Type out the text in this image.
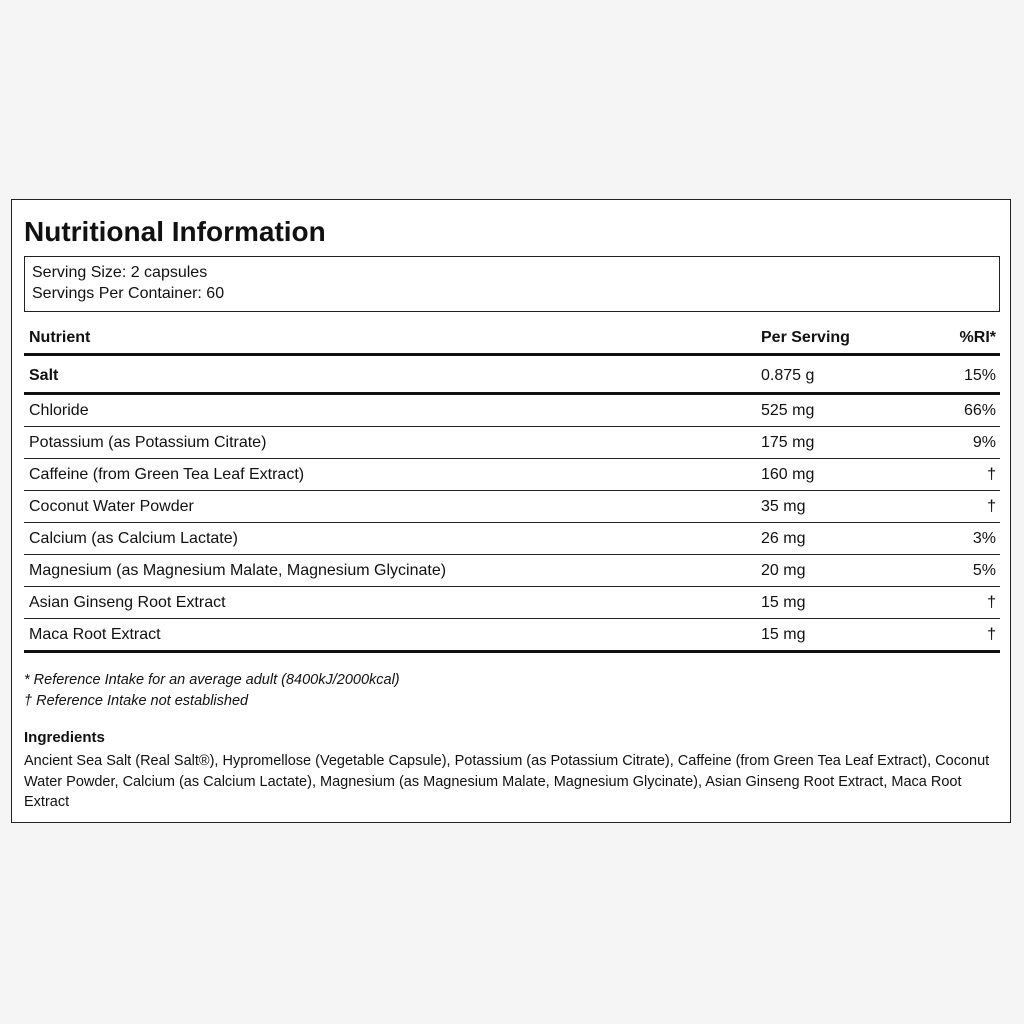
Nutritional Information
Serving Size: 2 capsules
Servings Per Container: 60
Nutrient	Per Serving	%RI*
Salt	0.875 g	15%
Chloride	525 mg	66%
Potassium (as Potassium Citrate)	175 mg	9%
Caffeine (from Green Tea Leaf Extract)	160 mg	†
Coconut Water Powder	35 mg	†
Calcium (as Calcium Lactate)	26 mg	3%
Magnesium (as Magnesium Malate, Magnesium Glycinate)	20 mg	5%
Asian Ginseng Root Extract	15 mg	†
Maca Root Extract	15 mg	†
* Reference Intake for an average adult (8400kJ/2000kcal)
† Reference Intake not established
Ingredients
Ancient Sea Salt (Real Salt®), Hypromellose (Vegetable Capsule), Potassium (as Potassium Citrate), Caffeine (from Green Tea Leaf Extract), Coconut Water Powder, Calcium (as Calcium Lactate), Magnesium (as Magnesium Malate, Magnesium Glycinate), Asian Ginseng Root Extract, Maca Root Extract
